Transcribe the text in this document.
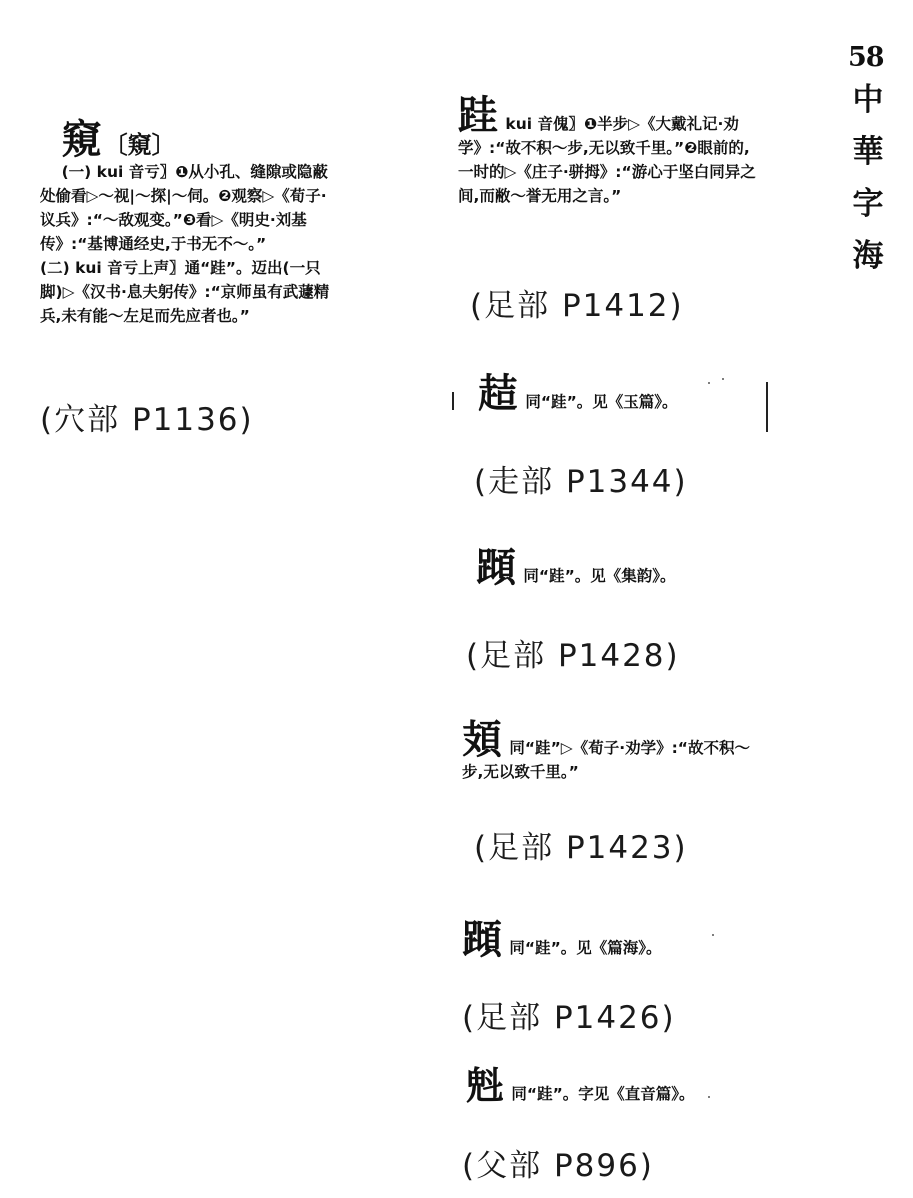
58
中
華
字
海

窺〔窺〕
(一) kui 音亏〗❶从小孔、缝隙或隐蔽处偷看▷～视|～探|～伺。❷观察▷《荀子·议兵》:“～敌观变。”❸看▷《明史·刘基传》:“基博通经史,于书无不～。”
(二) kui 音亏上声〗通“跬”。迈出(一只脚)▷《汉书·息夫躬传》:“京师虽有武蘧精兵,未有能～左足而先应者也。”

(穴部 P1136)
跬 kui 音傀〗❶半步▷《大戴礼记·劝学》:“故不积～步,无以致千里。”❷眼前的,一时的▷《庄子·骈拇》:“游心于坚白同异之间,而敝～誉无用之言。”
(足部 P1412)
趌 同“跬”。见《玉篇》。
(走部 P1344)
蹞 同“跬”。见《集韵》。
(足部 P1428)
頍 同“跬”▷《荀子·劝学》:“故不积～步,无以致千里。”
(足部 P1423)
蹞 同“跬”。见《篇海》。
(足部 P1426)
𣁽 同“跬”。字见《直音篇》。
(父部 P896)
